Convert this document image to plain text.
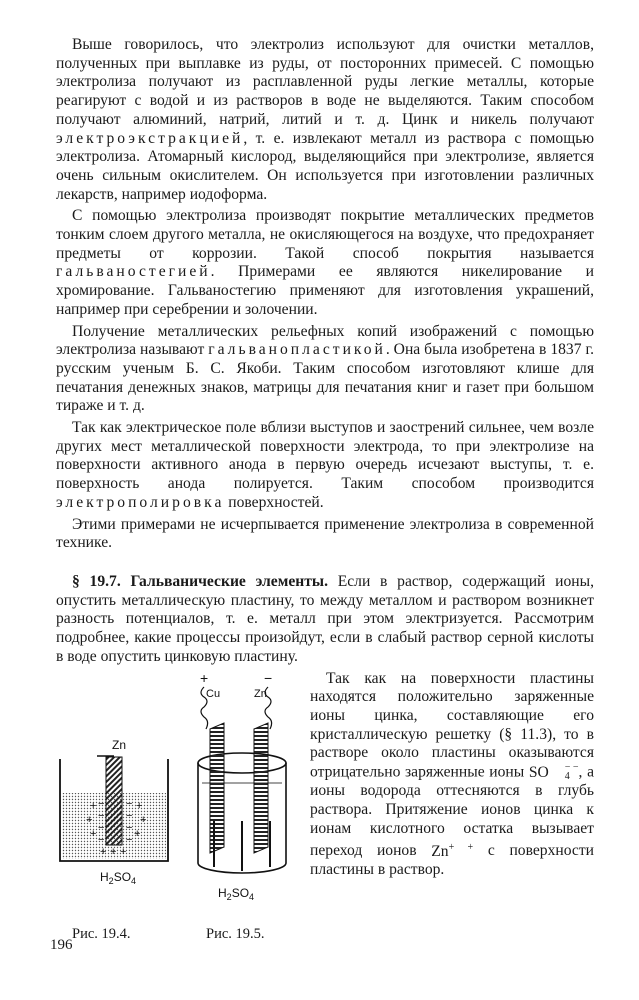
Выше говорилось, что электролиз используют для очистки металлов, полученных при выплавке из руды, от посторонних примесей. С помощью электролиза получают из расплавленной руды легкие металлы, которые реагируют с водой и из растворов в воде не выделяются. Таким способом получают алюминий, натрий, литий и т. д. Цинк и никель получают электроэкстракцией, т. е. извлекают металл из раствора с помощью электролиза. Атомарный кислород, выделяющийся при электролизе, является очень сильным окислителем. Он используется при изготовлении различных лекарств, например иодоформа.

С помощью электролиза производят покрытие металлических предметов тонким слоем другого металла, не окисляющегося на воздухе, что предохраняет предметы от коррозии. Такой способ покрытия называется гальваностегией. Примерами ее являются никелирование и хромирование. Гальваностегию применяют для изготовления украшений, например при серебрении и золочении.

Получение металлических рельефных копий изображений с помощью электролиза называют гальванопластикой. Она была изобретена в 1837 г. русским ученым Б. С. Якоби. Таким способом изготовляют клише для печатания денежных знаков, матрицы для печатания книг и газет при большом тираже и т. д.

Так как электрическое поле вблизи выступов и заострений сильнее, чем возле других мест металлической поверхности электрода, то при электролизе на поверхности активного анода в первую очередь исчезают выступы, т. е. поверхность анода полируется. Таким способом производится электрополировка поверхностей.

Этими примерами не исчерпывается применение электролиза в современной технике.

§ 19.7. Гальванические элементы. Если в раствор, содержащий ионы, опустить металлическую пластину, то между металлом и раствором возникнет разность потенциалов, т. е. металл при этом электризуется. Рассмотрим подробнее, какие процессы произойдут, если в слабый раствор серной кислоты в воде опустить цинковую пластину.

−
−
−
−
−
−
−
−
+
+
+
+
+
+
+ +
+
Zn
$H_2SO_4$
+	−
Cu	Zn
$H_2SO_4$
Рис. 19.4.	Рис. 19.5.

Так как на поверхности пластины находятся положительно заряженные ионы цинка, составляющие его кристаллическую решетку (§ 11.3), то в растворе около пластины оказываются отрицательно заряженные ионы SO	− −
4 , а ионы водорода оттесняются в глубь раствора. Притяжение ионов цинка к ионам кислотного остатка вызывает переход ионов Zn+ + с поверхности пластины в раствор.

196
